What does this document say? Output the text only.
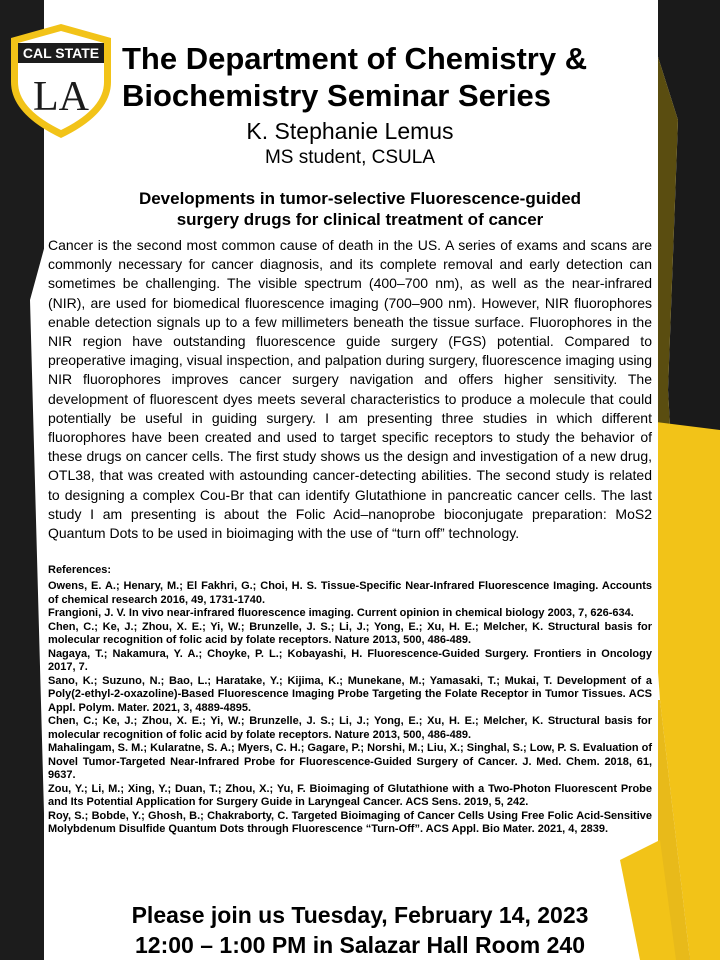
CAL STATE
LA
The Department of Chemistry &
Biochemistry Seminar Series
K. Stephanie Lemus
MS student, CSULA
Developments in tumor-selective Fluorescence-guided
surgery drugs for clinical treatment of cancer

Cancer is the second most common cause of death in the US. A series of exams and scans are commonly necessary for cancer diagnosis, and its complete removal and early detection can sometimes be challenging. The visible spectrum (400–700 nm), as well as the near-infrared (NIR), are used for biomedical fluorescence imaging (700–900 nm). However, NIR fluorophores enable detection signals up to a few millimeters beneath the tissue surface. Fluorophores in the NIR region have outstanding fluorescence guide surgery (FGS) potential. Compared to preoperative imaging, visual inspection, and palpation during surgery, fluorescence imaging using NIR fluorophores improves cancer surgery navigation and offers higher sensitivity. The development of fluorescent dyes meets several characteristics to produce a molecule that could potentially be useful in guiding surgery. I am presenting three studies in which different fluorophores have been created and used to target specific receptors to study the behavior of these drugs on cancer cells. The first study shows us the design and investigation of a new drug, OTL38, that was created with astounding cancer-detecting abilities. The second study is related to designing a complex Cou-Br that can identify Glutathione in pancreatic cancer cells. The last study I am presenting is about the Folic Acid–nanoprobe bioconjugate preparation: MoS2 Quantum Dots to be used in bioimaging with the use of “turn off” technology.

References:
Owens, E. A.; Henary, M.; El Fakhri, G.; Choi, H. S. Tissue-Specific Near-Infrared Fluorescence Imaging. Accounts of chemical research 2016, 49, 1731-1740.
Frangioni, J. V. In vivo near-infrared fluorescence imaging. Current opinion in chemical biology 2003, 7, 626-634.
Chen, C.; Ke, J.; Zhou, X. E.; Yi, W.; Brunzelle, J. S.; Li, J.; Yong, E.; Xu, H. E.; Melcher, K. Structural basis for molecular recognition of folic acid by folate receptors. Nature 2013, 500, 486-489.
Nagaya, T.; Nakamura, Y. A.; Choyke, P. L.; Kobayashi, H. Fluorescence-Guided Surgery. Frontiers in Oncology 2017, 7.
Sano, K.; Suzuno, N.; Bao, L.; Haratake, Y.; Kijima, K.; Munekane, M.; Yamasaki, T.; Mukai, T. Development of a Poly(2-ethyl-2-oxazoline)-Based Fluorescence Imaging Probe Targeting the Folate Receptor in Tumor Tissues. ACS Appl. Polym. Mater. 2021, 3, 4889-4895.
Chen, C.; Ke, J.; Zhou, X. E.; Yi, W.; Brunzelle, J. S.; Li, J.; Yong, E.; Xu, H. E.; Melcher, K. Structural basis for molecular recognition of folic acid by folate receptors. Nature 2013, 500, 486-489.
Mahalingam, S. M.; Kularatne, S. A.; Myers, C. H.; Gagare, P.; Norshi, M.; Liu, X.; Singhal, S.; Low, P. S. Evaluation of Novel Tumor-Targeted Near-Infrared Probe for Fluorescence-Guided Surgery of Cancer. J. Med. Chem. 2018, 61, 9637.
Zou, Y.; Li, M.; Xing, Y.; Duan, T.; Zhou, X.; Yu, F. Bioimaging of Glutathione with a Two-Photon Fluorescent Probe and Its Potential Application for Surgery Guide in Laryngeal Cancer. ACS Sens. 2019, 5, 242.
Roy, S.; Bobde, Y.; Ghosh, B.; Chakraborty, C. Targeted Bioimaging of Cancer Cells Using Free Folic Acid-Sensitive Molybdenum Disulfide Quantum Dots through Fluorescence “Turn-Off”. ACS Appl. Bio Mater. 2021, 4, 2839.
Please join us Tuesday, February 14, 2023
12:00 – 1:00 PM in Salazar Hall Room 240
